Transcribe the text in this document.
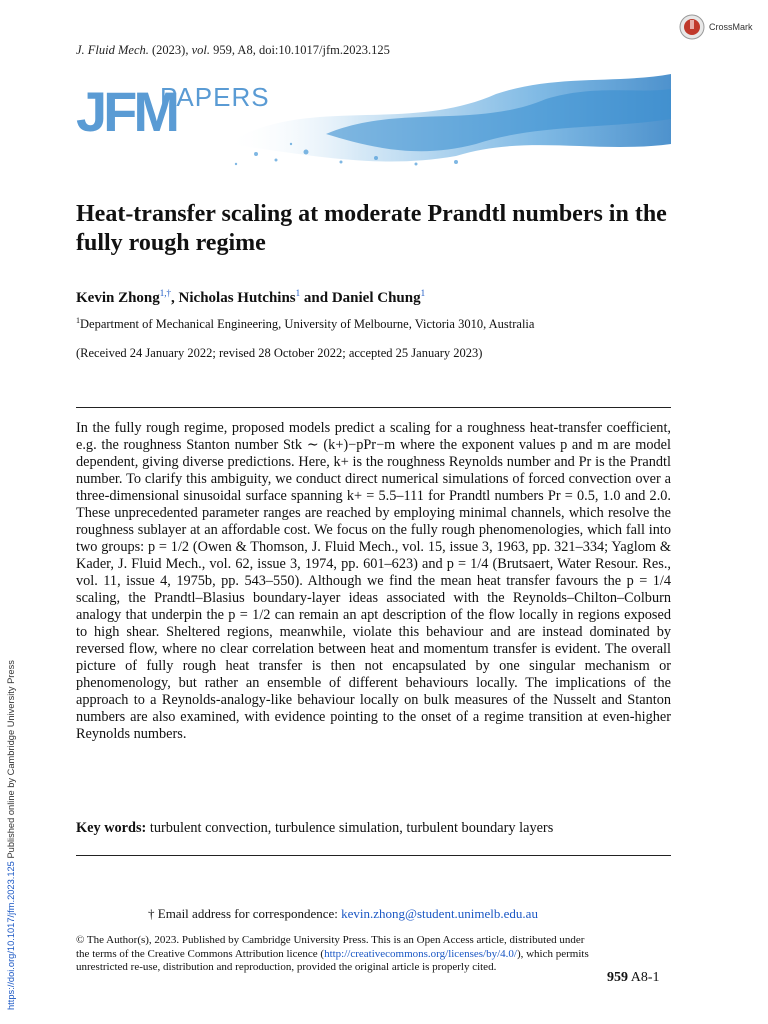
J. Fluid Mech. (2023), vol. 959, A8, doi:10.1017/jfm.2023.125
CrossMark
JFM
PAPERS
Heat-transfer scaling at moderate Prandtl numbers in the fully rough regime
Kevin Zhong$^{1,\dagger}$, Nicholas Hutchins$^1$ and Daniel Chung$^1$
$^1$Department of Mechanical Engineering, University of Melbourne, Victoria 3010, Australia
(Received 24 January 2022; revised 28 October 2022; accepted 25 January 2023)
In the fully rough regime, proposed models predict a scaling for a roughness heat-transfer coefficient, e.g. the roughness Stanton number Stk ∼ (k+)−pPr−m where the exponent values p and m are model dependent, giving diverse predictions. Here, k+ is the roughness Reynolds number and Pr is the Prandtl number. To clarify this ambiguity, we conduct direct numerical simulations of forced convection over a three-dimensional sinusoidal surface spanning k+ = 5.5–111 for Prandtl numbers Pr = 0.5, 1.0 and 2.0. These unprecedented parameter ranges are reached by employing minimal channels, which resolve the roughness sublayer at an affordable cost. We focus on the fully rough phenomenologies, which fall into two groups: p = 1/2 (Owen & Thomson, J. Fluid Mech., vol. 15, issue 3, 1963, pp. 321–334; Yaglom & Kader, J. Fluid Mech., vol. 62, issue 3, 1974, pp. 601–623) and p = 1/4 (Brutsaert, Water Resour. Res., vol. 11, issue 4, 1975b, pp. 543–550). Although we find the mean heat transfer favours the p = 1/4 scaling, the Prandtl–Blasius boundary-layer ideas associated with the Reynolds–Chilton–Colburn analogy that underpin the p = 1/2 can remain an apt description of the flow locally in regions exposed to high shear. Sheltered regions, meanwhile, violate this behaviour and are instead dominated by reversed flow, where no clear correlation between heat and momentum transfer is evident. The overall picture of fully rough heat transfer is then not encapsulated by one singular mechanism or phenomenology, but rather an ensemble of different behaviours locally. The implications of the approach to a Reynolds-analogy-like behaviour locally on bulk measures of the Nusselt and Stanton numbers are also examined, with evidence pointing to the onset of a regime transition at even-higher Reynolds numbers.
Key words: turbulent convection, turbulence simulation, turbulent boundary layers
† Email address for correspondence: kevin.zhong@student.unimelb.edu.au
© The Author(s), 2023. Published by Cambridge University Press. This is an Open Access article, distributed under the terms of the Creative Commons Attribution licence (http://creativecommons.org/licenses/by/4.0/), which permits unrestricted re-use, distribution and reproduction, provided the original article is properly cited.
959 A8-1
https://doi.org/10.1017/jfm.2023.125 Published online by Cambridge University Press
